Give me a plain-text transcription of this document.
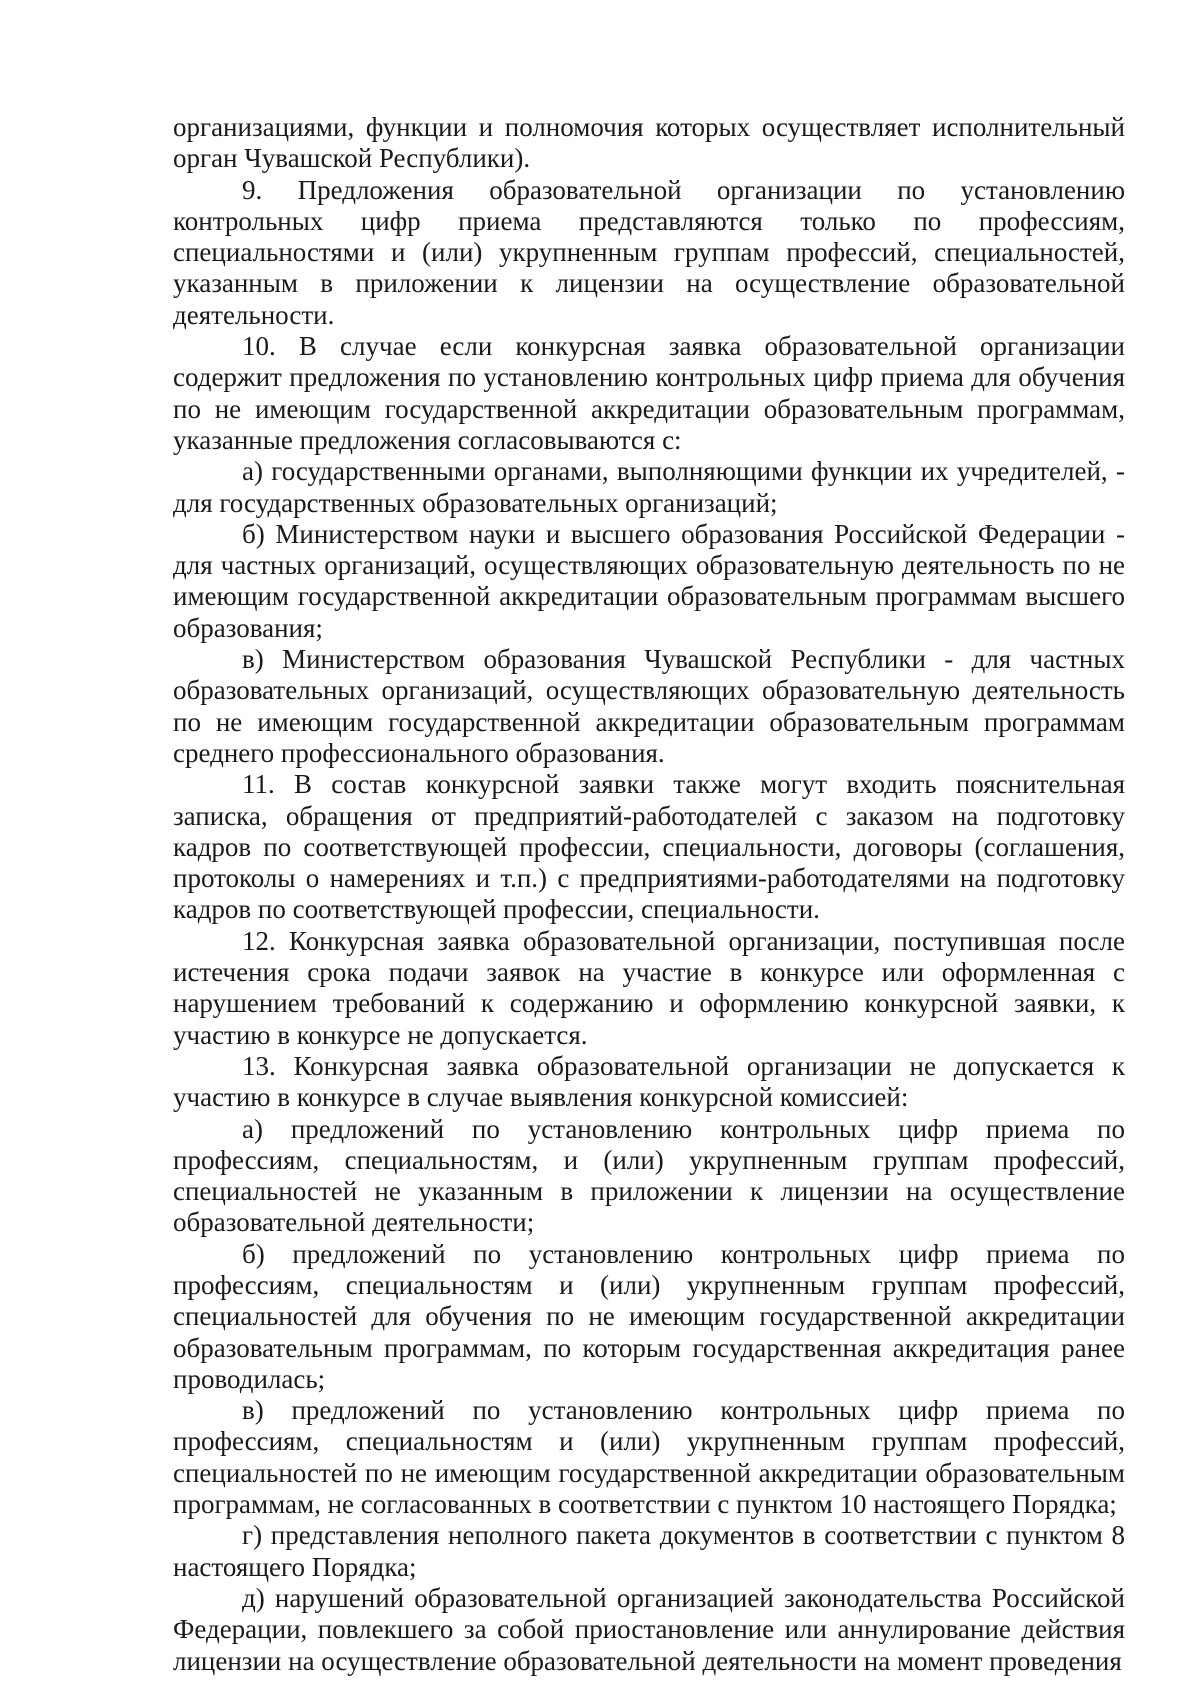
организациями, функции и полномочия которых осуществляет исполнительный орган Чувашской Республики).

9. Предложения образовательной организации по установлению контрольных цифр приема представляются только по профессиям, специальностями и (или) укрупненным группам профессий, специальностей, указанным в приложении к лицензии на осуществление образовательной деятельности.

10. В случае если конкурсная заявка образовательной организации содержит предложения по установлению контрольных цифр приема для обучения по не имеющим государственной аккредитации образовательным программам, указанные предложения согласовываются с:

а) государственными органами, выполняющими функции их учредителей, - для государственных образовательных организаций;

б) Министерством науки и высшего образования Российской Федерации - для частных организаций, осуществляющих образовательную деятельность по не имеющим государственной аккредитации образовательным программам высшего образования;

в) Министерством образования Чувашской Республики - для частных образовательных организаций, осуществляющих образовательную деятельность по не имеющим государственной аккредитации образовательным программам среднего профессионального образования.

11. В состав конкурсной заявки также могут входить пояснительная записка, обращения от предприятий-работодателей с заказом на подготовку кадров по соответствующей профессии, специальности, договоры (соглашения, протоколы о намерениях и т.п.) с предприятиями-работодателями на подготовку кадров по соответствующей профессии, специальности.

12. Конкурсная заявка образовательной организации, поступившая после истечения срока подачи заявок на участие в конкурсе или оформленная с нарушением требований к содержанию и оформлению конкурсной заявки, к участию в конкурсе не допускается.

13. Конкурсная заявка образовательной организации не допускается к участию в конкурсе в случае выявления конкурсной комиссией:

а) предложений по установлению контрольных цифр приема по профессиям, специальностям, и (или) укрупненным группам профессий, специальностей не указанным в приложении к лицензии на осуществление образовательной деятельности;

б) предложений по установлению контрольных цифр приема по профессиям, специальностям и (или) укрупненным группам профессий, специальностей для обучения по не имеющим государственной аккредитации образовательным программам, по которым государственная аккредитация ранее проводилась;

в) предложений по установлению контрольных цифр приема по профессиям, специальностям и (или) укрупненным группам профессий, специальностей по не имеющим государственной аккредитации образовательным программам, не согласованных в соответствии с пунктом 10 настоящего Порядка;

г) представления неполного пакета документов в соответствии с пунктом 8 настоящего Порядка;

д) нарушений образовательной организацией законодательства Российской Федерации, повлекшего за собой приостановление или аннулирование действия лицензии на осуществление образовательной деятельности на момент проведения
